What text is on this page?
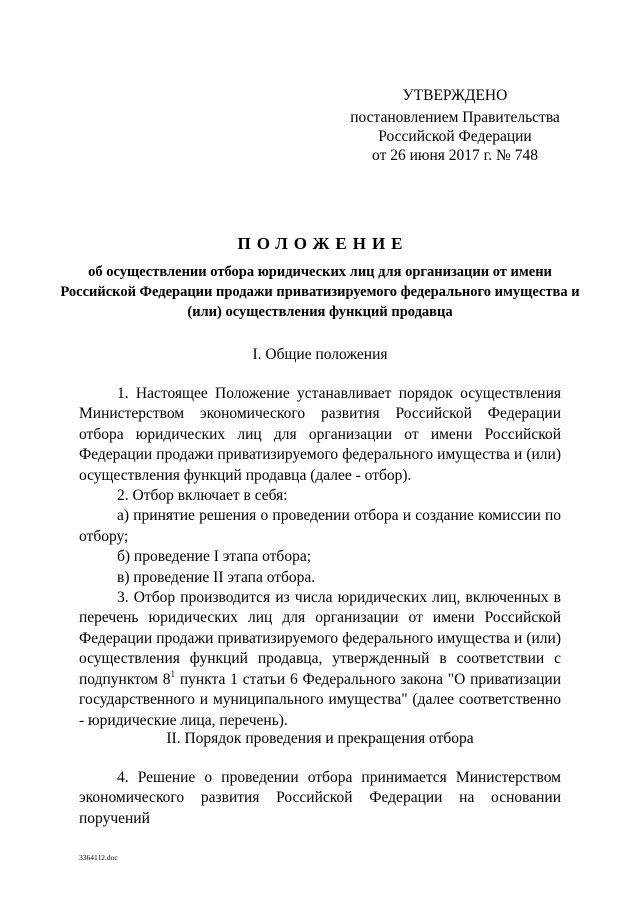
УТВЕРЖДЕНО
постановлением Правительства
Российской Федерации
от 26 июня 2017 г. № 748
ПОЛОЖЕНИЕ
об осуществлении отбора юридических лиц для организации от имени Российской Федерации продажи приватизируемого федерального имущества и (или) осуществления функций продавца
I. Общие положения

1. Настоящее Положение устанавливает порядок осуществления Министерством экономического развития Российской Федерации отбора юридических лиц для организации от имени Российской Федерации продажи приватизируемого федерального имущества и (или) осуществления функций продавца (далее - отбор).

2. Отбор включает в себя:

а) принятие решения о проведении отбора и создание комиссии по отбору;

б) проведение I этапа отбора;

в) проведение II этапа отбора.

3. Отбор производится из числа юридических лиц, включенных в перечень юридических лиц для организации от имени Российской Федерации продажи приватизируемого федерального имущества и (или) осуществления функций продавца, утвержденный в соответствии с подпунктом $8^1$ пункта 1 статьи 6 Федерального закона "О приватизации государственного и муниципального имущества" (далее соответственно - юридические лица, перечень).

II. Порядок проведения и прекращения отбора

4. Решение о проведении отбора принимается Министерством экономического развития Российской Федерации на основании поручений

3364112.doc
